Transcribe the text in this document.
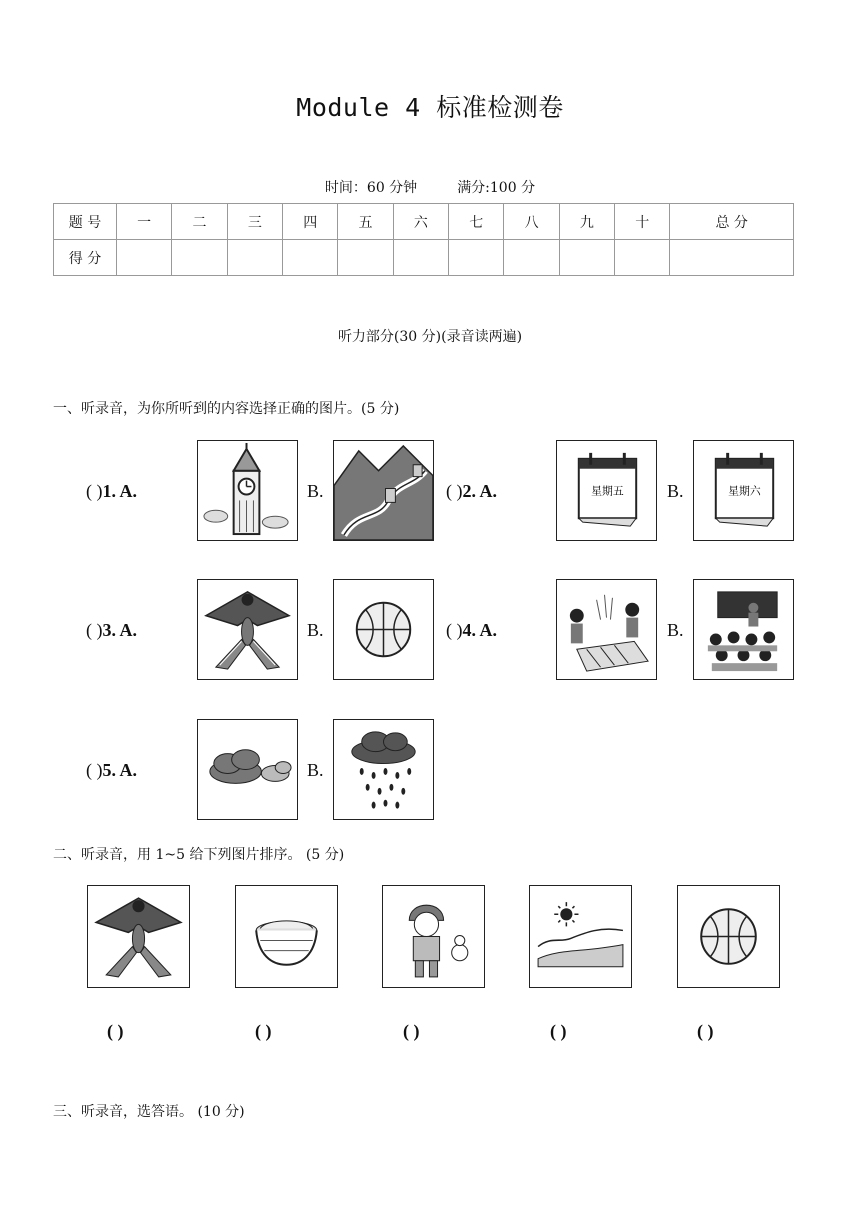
Module 4 标准检测卷
时间：60 分钟	满分:100 分
题 号	一	二	三	四	五	六	七	八	九	十	总 分
得 分											
听力部分(30 分)(录音读两遍)
一、听录音，为你所听到的内容选择正确的图片。(5 分)
( )1. A.	B.	( )2. A.	星期五 B.	星期六
( )3. A.	B.	( )4. A.	B.
( )5. A.	B.
二、听录音，用 1~5 给下列图片排序。 (5 分)
( )	( )	( )	( )	( )
三、听录音，选答语。 (10 分)
